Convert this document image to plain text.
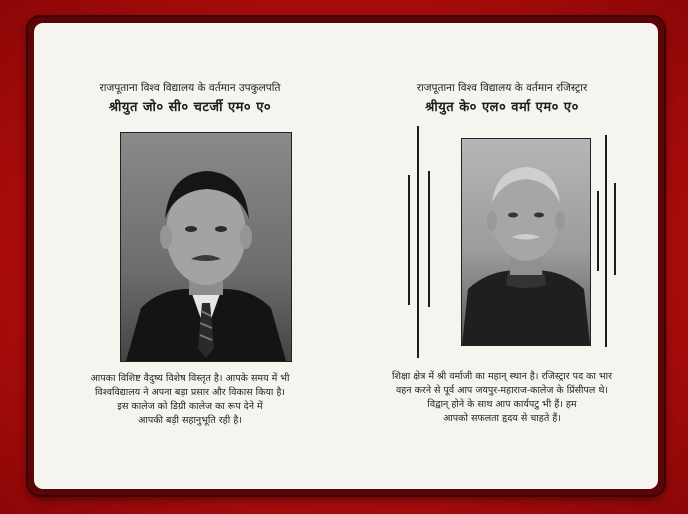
राजपूताना विश्व विद्यालय के वर्तमान उपकुलपति
श्रीयुत जो० सी० चटर्जी एम० ए०
आपका विशिष्ट वैदुष्य विशेष विस्तृत है। आपके समय में भी
विश्वविद्यालय ने अपना बड़ा प्रसार और विकास किया है।
इस कालेज को डिग्री कालेज का रूप देने में
आपकी बड़ी सहानुभूति रही है।
राजपूताना विश्व विद्यालय के वर्तमान रजिस्ट्रार
श्रीयुत के० एल० वर्मा एम० ए०
शिक्षा क्षेत्र में श्री वर्माजी का महान् स्थान है। रजिस्ट्रार पद का भार
वहन करने से पूर्व आप जयपुर-महाराज-कालेज के प्रिंसीपल थे।
विद्वान् होने के साथ आप कार्यपटु भी हैं। हम
आपको सफलता हृदय से चाहते हैं।
